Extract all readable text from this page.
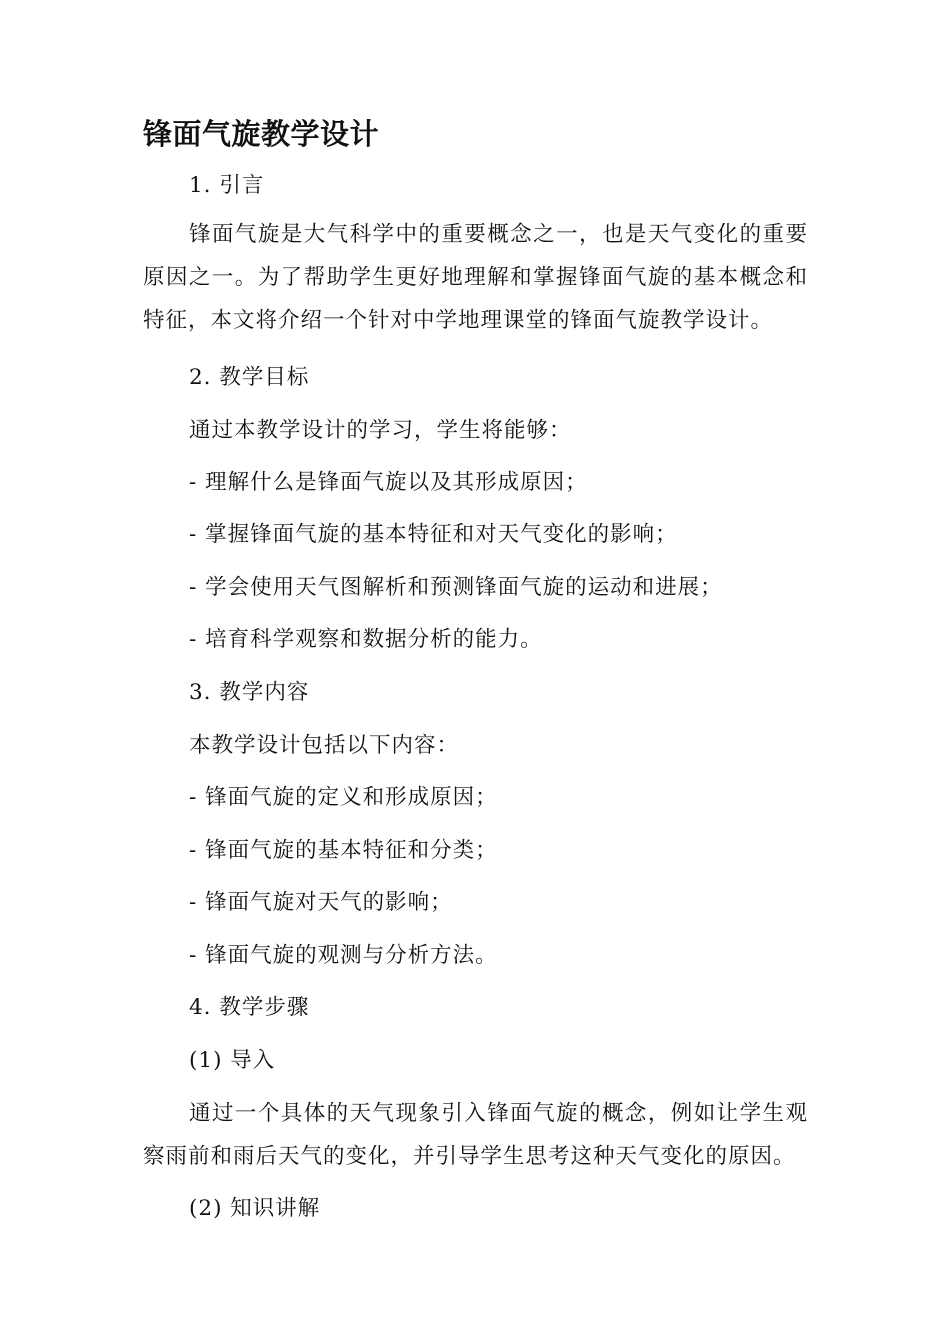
锋面气旋教学设计
1. 引言
锋面气旋是大气科学中的重要概念之一，也是天气变化的重要原因之一。为了帮助学生更好地理解和掌握锋面气旋的基本概念和特征，本文将介绍一个针对中学地理课堂的锋面气旋教学设计。
2. 教学目标
通过本教学设计的学习，学生将能够：
- 理解什么是锋面气旋以及其形成原因；
- 掌握锋面气旋的基本特征和对天气变化的影响；
- 学会使用天气图解析和预测锋面气旋的运动和进展；
- 培育科学观察和数据分析的能力。
3. 教学内容
本教学设计包括以下内容：
- 锋面气旋的定义和形成原因；
- 锋面气旋的基本特征和分类；
- 锋面气旋对天气的影响；
- 锋面气旋的观测与分析方法。
4. 教学步骤
(1) 导入
通过一个具体的天气现象引入锋面气旋的概念，例如让学生观察雨前和雨后天气的变化，并引导学生思考这种天气变化的原因。
(2) 知识讲解
